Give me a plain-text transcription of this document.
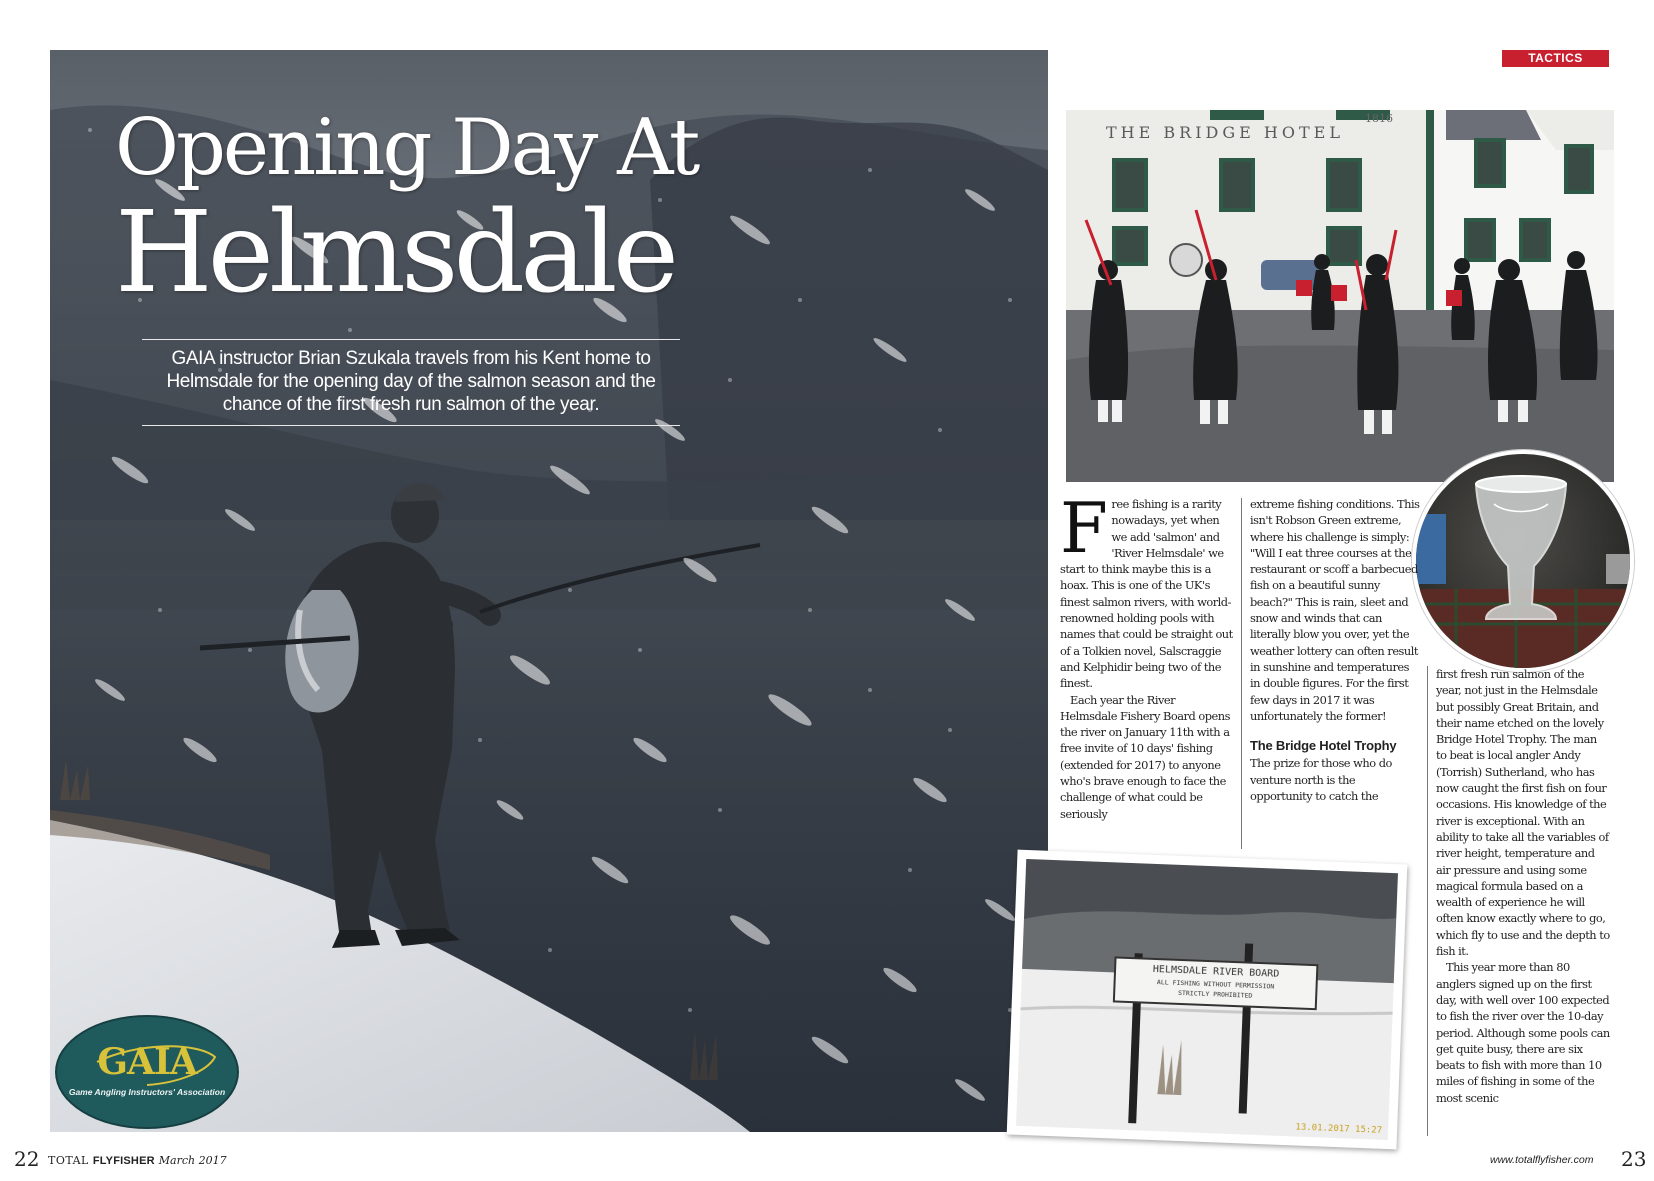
TACTICS
Opening Day At
Helmsdale
GAIA instructor Brian Szukala travels from his Kent home to Helmsdale for the opening day of the salmon season and the chance of the first fresh run salmon of the year.
GAIA
Game Angling Instructors' Association
1816
THE BRIDGE HOTEL

Free fishing is a rarity nowadays, yet when we add 'salmon' and 'River Helmsdale' we start to think maybe this is a hoax. This is one of the UK's finest salmon rivers, with world-renowned holding pools with names that could be straight out of a Tolkien novel, Salscraggie and Kelphidir being two of the finest.

Each year the River Helmsdale Fishery Board opens the river on January 11th with a free invite of 10 days' fishing (extended for 2017) to anyone who's brave enough to face the challenge of what could be seriously

extreme fishing conditions. This isn't Robson Green extreme, where his challenge is simply: "Will I eat three courses at the restaurant or scoff a barbecued fish on a beautiful sunny beach?" This is rain, sleet and snow and winds that can literally blow you over, yet the weather lottery can often result in sunshine and temperatures in double figures. For the first few days in 2017 it was unfortunately the former!

The Bridge Hotel Trophy

The prize for those who do venture north is the opportunity to catch the

first fresh run salmon of the year, not just in the Helmsdale but possibly Great Britain, and their name etched on the lovely Bridge Hotel Trophy. The man to beat is local angler Andy (Torrish) Sutherland, who has now caught the first fish on four occasions. His knowledge of the river is exceptional. With an ability to take all the variables of river height, temperature and air pressure and using some magical formula based on a wealth of experience he will often know exactly where to go, which fly to use and the depth to fish it.

This year more than 80 anglers signed up on the first day, with well over 100 expected to fish the river over the 10-day period. Although some pools can get quite busy, there are six beats to fish with more than 10 miles of fishing in some of the most scenic

HELMSDALE RIVER BOARD
ALL FISHING WITHOUT PERMISSION
STRICTLY PROHIBITED
13.01.2017 15:27
22 TOTAL FLYFISHER March 2017	www.totalflyfisher.com 23
